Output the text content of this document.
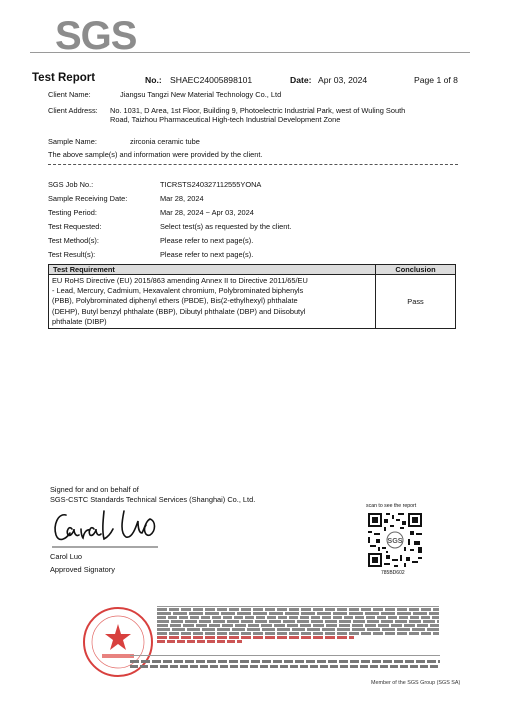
SGS
Test Report	No.: SHAEC24005898101	Date: Apr 03, 2024	Page 1 of 8
Client Name:	Jiangsu Tangzi New Material Technology Co., Ltd
Client Address: No. 1031, D Area, 1st Floor, Building 9, Photoelectric Industrial Park, west of Wuling South
Road, Taizhou Pharmaceutical High-tech Industrial Development Zone
Sample Name:	zirconia ceramic tube
The above sample(s) and information were provided by the client.
SGS Job No.:	TICRSTS240327112555YONA
Sample Receiving Date:	Mar 28, 2024
Testing Period:	Mar 28, 2024 ~ Apr 03, 2024
Test Requested:	Select test(s) as requested by the client.
Test Method(s):	Please refer to next page(s).
Test Result(s):	Please refer to next page(s).
Test Requirement	Conclusion

EU RoHS Directive (EU) 2015/863 amending Annex II to Directive 2011/65/EU
- Lead, Mercury, Cadmium, Hexavalent chromium, Polybrominated biphenyls
(PBB), Polybrominated diphenyl ethers (PBDE), Bis(2-ethylhexyl) phthalate
(DEHP), Butyl benzyl phthalate (BBP), Dibutyl phthalate (DBP) and Diisobutyl
phthalate (DIBP)	Pass
Signed for and on behalf of
SGS-CSTC Standards Technical Services (Shanghai) Co., Ltd.
Carol Luo
Approved Signatory
scan to see the report
SGS
785BD602
Member of the SGS Group (SGS SA)
